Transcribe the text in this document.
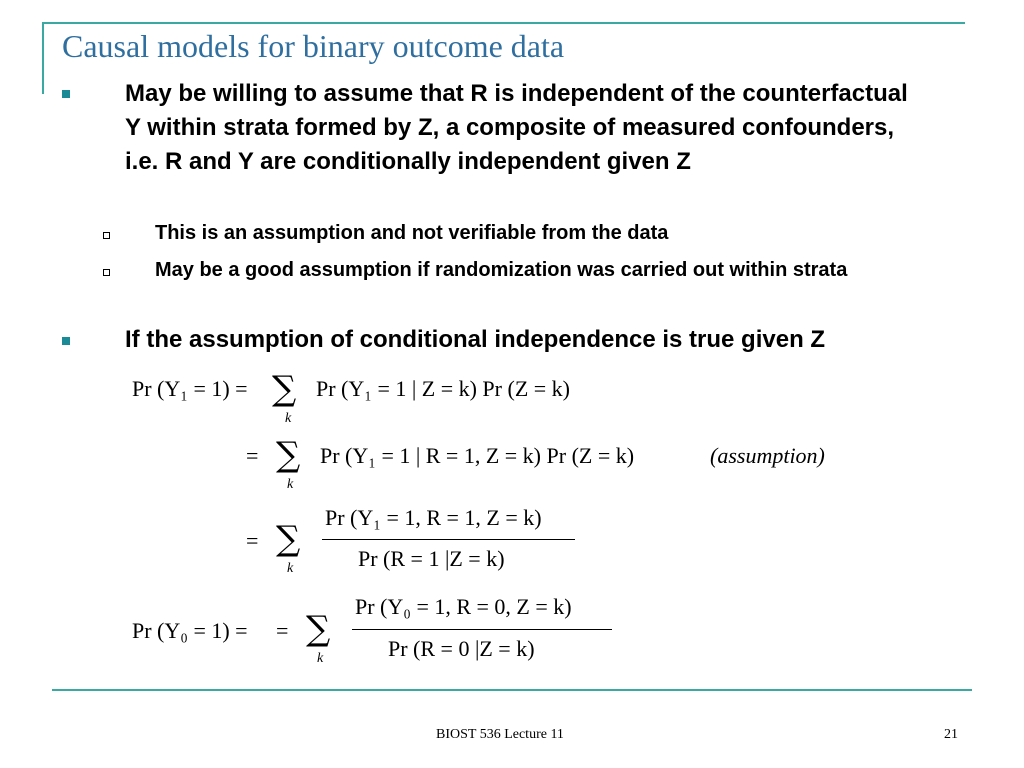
Causal models for binary outcome data
May be willing to assume that R is independent of the counterfactual Y within strata formed by Z, a composite of measured confounders, i.e. R and Y are conditionally independent given Z
This is an assumption and not verifiable from the data
May be a good assumption if randomization was carried out within strata
If the assumption of conditional independence is true given Z
Pr (Y₁ = 1) = ∑
k
Pr (Y₁ = 1 | Z = k) Pr (Z = k)
= ∑
k
Pr (Y₁ = 1 | R = 1, Z = k) Pr (Z = k)	(assumption)
= ∑
k
Pr (Y₁ = 1, R = 1, Z = k)
Pr (R = 1 |Z = k)
Pr (Y₀ = 1) = = ∑
k
Pr (Y₀ = 1, R = 0, Z = k)
Pr (R = 0 |Z = k)
BIOST 536 Lecture 11	21
